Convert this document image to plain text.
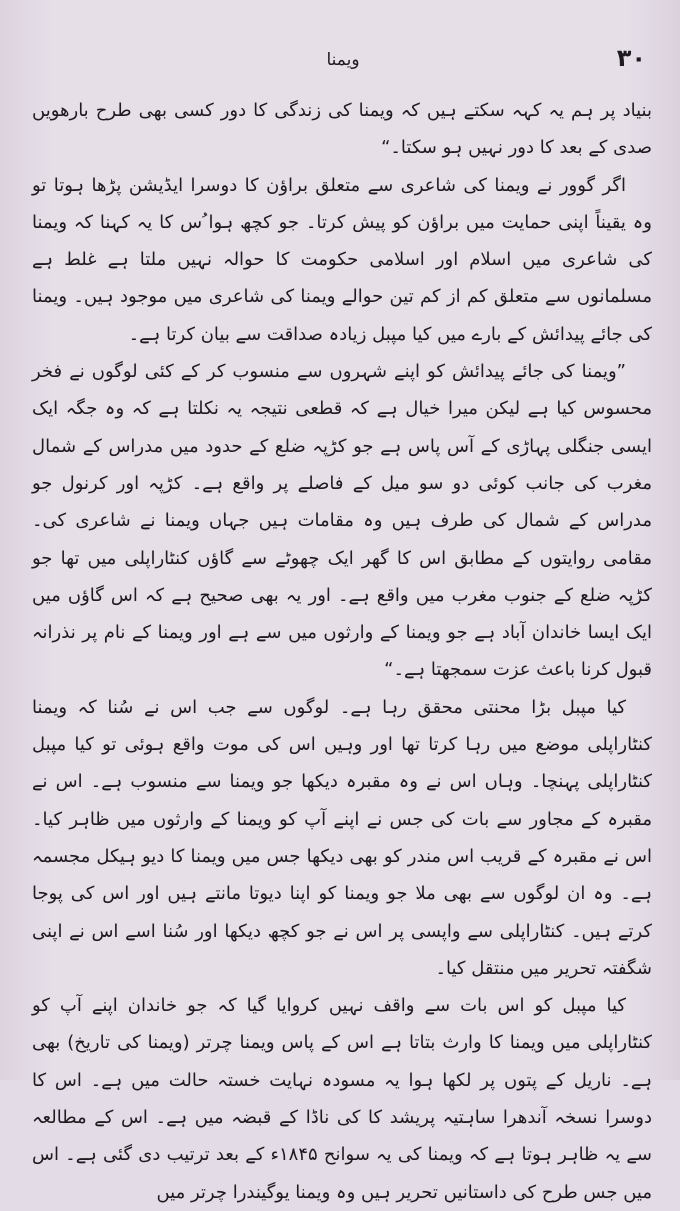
ویمنا	۳۰

بنیاد پر ہم یہ کہہ سکتے ہیں کہ ویمنا کی زندگی کا دور کسی بھی طرح بارھویں صدی کے بعد کا دور نہیں ہو سکتا۔“

اگر گوور نے ویمنا کی شاعری سے متعلق براؤن کا دوسرا ایڈیشن پڑھا ہوتا تو وہ یقیناً اپنی حمایت میں براؤن کو پیش کرتا۔ جو کچھ ہوا ُس کا یہ کہنا کہ ویمنا کی شاعری میں اسلام اور اسلامی حکومت کا حوالہ نہیں ملتا ہے غلط ہے مسلمانوں سے متعلق کم از کم تین حوالے ویمنا کی شاعری میں موجود ہیں۔ ویمنا کی جائے پیدائش کے بارے میں کیا مپبل زیادہ صداقت سے بیان کرتا ہے۔

”ویمنا کی جائے پیدائش کو اپنے شہروں سے منسوب کر کے کئی لوگوں نے فخر محسوس کیا ہے لیکن میرا خیال ہے کہ قطعی نتیجہ یہ نکلتا ہے کہ وہ جگہ ایک ایسی جنگلی پہاڑی کے آس پاس ہے جو کڑپہ ضلع کے حدود میں مدراس کے شمال مغرب کی جانب کوئی دو سو میل کے فاصلے پر واقع ہے۔ کڑپہ اور کرنول جو مدراس کے شمال کی طرف ہیں وہ مقامات ہیں جہاں ویمنا نے شاعری کی۔ مقامی روایتوں کے مطابق اس کا گھر ایک چھوٹے سے گاؤں کنٹاراپلی میں تھا جو کڑپہ ضلع کے جنوب مغرب میں واقع ہے۔ اور یہ بھی صحیح ہے کہ اس گاؤں میں ایک ایسا خاندان آباد ہے جو ویمنا کے وارثوں میں سے ہے اور ویمنا کے نام پر نذرانہ قبول کرنا باعث عزت سمجھتا ہے۔“

کیا مپبل بڑا محنتی محقق رہا ہے۔ لوگوں سے جب اس نے سُنا کہ ویمنا کنٹاراپلی موضع میں رہا کرتا تھا اور وہیں اس کی موت واقع ہوئی تو کیا مپبل کنٹاراپلی پہنچا۔ وہاں اس نے وہ مقبرہ دیکھا جو ویمنا سے منسوب ہے۔ اس نے مقبرہ کے مجاور سے بات کی جس نے اپنے آپ کو ویمنا کے وارثوں میں ظاہر کیا۔ اس نے مقبرہ کے قریب اس مندر کو بھی دیکھا جس میں ویمنا کا دیو ہیکل مجسمہ ہے۔ وہ ان لوگوں سے بھی ملا جو ویمنا کو اپنا دیوتا مانتے ہیں اور اس کی پوجا کرتے ہیں۔ کنٹاراپلی سے واپسی پر اس نے جو کچھ دیکھا اور سُنا اسے اس نے اپنی شگفتہ تحریر میں منتقل کیا۔

کیا مپبل کو اس بات سے واقف نہیں کروایا گیا کہ جو خاندان اپنے آپ کو کنٹاراپلی میں ویمنا کا وارث بتاتا ہے اس کے پاس ویمنا چرتر (ویمنا کی تاریخ) بھی ہے۔ ناریل کے پتوں پر لکھا ہوا یہ مسودہ نہایت خستہ حالت میں ہے۔ اس کا دوسرا نسخہ آندھرا ساہتیہ پریشد کا کی ناڈا کے قبضہ میں ہے۔ اس کے مطالعہ سے یہ ظاہر ہوتا ہے کہ ویمنا کی یہ سوانح ۱۸۴۵ء کے بعد ترتیب دی گئی ہے۔ اس میں جس طرح کی داستانیں تحریر ہیں وہ ویمنا یوگیندرا چرتر میں
